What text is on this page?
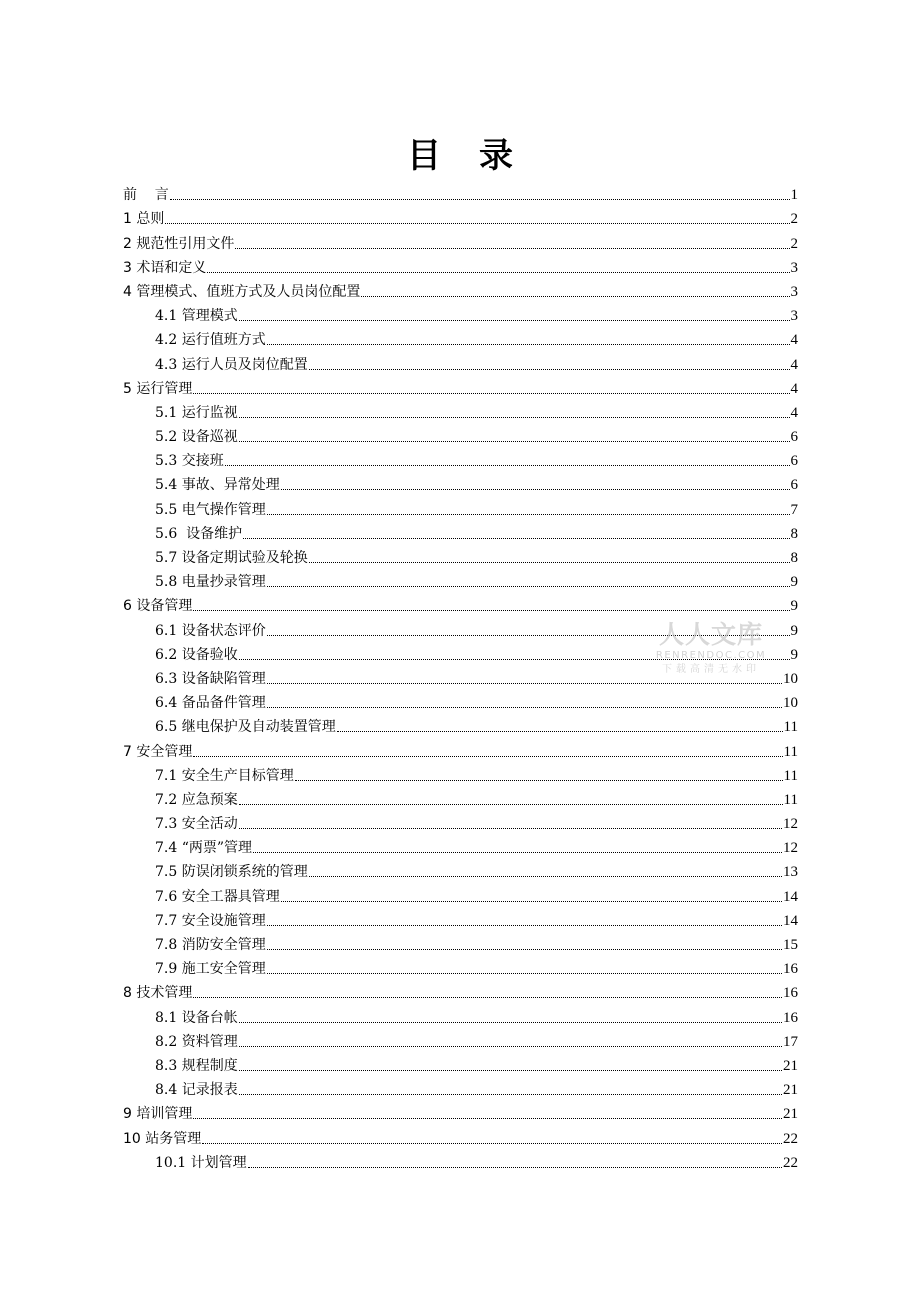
目录
前    言	1
1 总则	2
2 规范性引用文件	2
3 术语和定义	3
4 管理模式、值班方式及人员岗位配置	3
4.1 管理模式	3
4.2 运行值班方式	4
4.3 运行人员及岗位配置	4
5 运行管理	4
5.1 运行监视	4
5.2 设备巡视	6
5.3 交接班	6
5.4 事故、异常处理	6
5.5 电气操作管理	7
5.6  设备维护	8
5.7 设备定期试验及轮换	8
5.8 电量抄录管理	9
6 设备管理	9
6.1 设备状态评价	9
6.2 设备验收	9
6.3 设备缺陷管理	10
6.4 备品备件管理	10
6.5 继电保护及自动装置管理	11
7 安全管理	11
7.1 安全生产目标管理	11
7.2 应急预案	11
7.3 安全活动	12
7.4 “两票”管理	12
7.5 防误闭锁系统的管理	13
7.6 安全工器具管理	14
7.7 安全设施管理	14
7.8 消防安全管理	15
7.9 施工安全管理	16
8 技术管理	16
8.1 设备台帐	16
8.2 资料管理	17
8.3 规程制度	21
8.4 记录报表	21
9 培训管理	21
10 站务管理	22
10.1 计划管理	22
人人文库
RENRENDOC.COM
下载高清无水印
